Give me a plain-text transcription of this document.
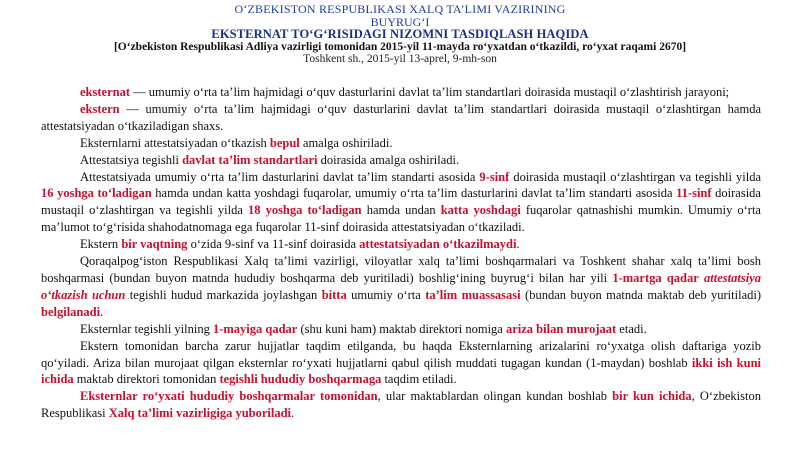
O‘ZBEKISTON RESPUBLIKASI XALQ TA’LIMI VAZIRINING
BUYRUG‘I
EKSTERNAT TO‘G‘RISIDAGI NIZOMNI TASDIQLASH HAQIDA
[O‘zbekiston Respublikasi Adliya vazirligi tomonidan 2015-yil 11-mayda ro‘yxatdan o‘tkazildi, ro‘yxat raqami 2670]
Toshkent sh., 2015-yil 13-aprel, 9-mh-son

eksternat — umumiy o‘rta ta’lim hajmidagi o‘quv dasturlarini davlat ta’lim standartlari doirasida mustaqil o‘zlashtirish jarayoni;

ekstern — umumiy o‘rta ta’lim hajmidagi o‘quv dasturlarini davlat ta’lim standartlari doirasida mustaqil o‘zlashtirgan hamda attestatsiyadan o‘tkaziladigan shaxs.

Eksternlarni attestatsiyadan o‘tkazish bepul amalga oshiriladi.

Attestatsiya tegishli davlat ta’lim standartlari doirasida amalga oshiriladi.

Attestatsiyada umumiy o‘rta ta’lim dasturlarini davlat ta’lim standarti asosida 9-sinf doirasida mustaqil o‘zlashtirgan va tegishli yilda 16 yoshga to‘ladigan hamda undan katta yoshdagi fuqarolar, umumiy o‘rta ta’lim dasturlarini davlat ta’lim standarti asosida 11-sinf doirasida mustaqil o‘zlashtirgan va tegishli yilda 18 yoshga to‘ladigan hamda undan katta yoshdagi fuqarolar qatnashishi mumkin. Umumiy o‘rta ma’lumot to‘g‘risida shahodatnomaga ega fuqarolar 11-sinf doirasida attestatsiyadan o‘tkaziladi.

Ekstern bir vaqtning o‘zida 9-sinf va 11-sinf doirasida attestatsiyadan o‘tkazilmaydi.

Qoraqalpog‘iston Respublikasi Xalq ta’limi vazirligi, viloyatlar xalq ta’limi boshqarmalari va Toshkent shahar xalq ta’limi bosh boshqarmasi (bundan buyon matnda hududiy boshqarma deb yuritiladi) boshlig‘ining buyrug‘i bilan har yili 1-martga qadar attestatsiya o‘tkazish uchun tegishli hudud markazida joylashgan bitta umumiy o‘rta ta’lim muassasasi (bundan buyon matnda maktab deb yuritiladi) belgilanadi.

Eksternlar tegishli yilning 1-mayiga qadar (shu kuni ham) maktab direktori nomiga ariza bilan murojaat etadi.

Ekstern tomonidan barcha zarur hujjatlar taqdim etilganda, bu haqda Eksternlarning arizalarini ro‘yxatga olish daftariga yozib qo‘yiladi. Ariza bilan murojaat qilgan eksternlar ro‘yxati hujjatlarni qabul qilish muddati tugagan kundan (1-maydan) boshlab ikki ish kuni ichida maktab direktori tomonidan tegishli hududiy boshqarmaga taqdim etiladi.

Eksternlar ro‘yxati hududiy boshqarmalar tomonidan, ular maktablardan olingan kundan boshlab bir kun ichida, O‘zbekiston Respublikasi Xalq ta’limi vazirligiga yuboriladi.
